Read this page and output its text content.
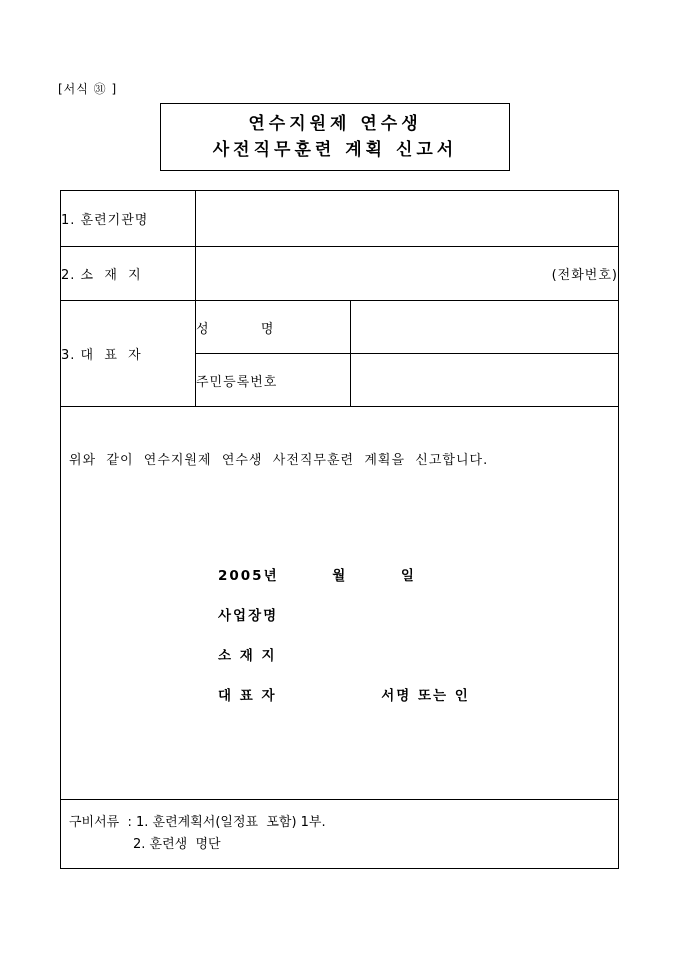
[서식 ㉛ ]
연수지원제 연수생
사전직무훈련 계획 신고서
1. 훈련기관명		
2. 소  재  지	(전화번호)	
3. 대  표  자	성          명	
	주민등록번호	

위와  같이  연수지원제  연수생  사전직무훈련  계획을  신고합니다.
2005년        월        일
사업장명
소 재 지
대 표 자 서명 또는 인		

구비서류  : 1. 훈련계획서(일정표  포함) 1부.
2. 훈련생  명단		
